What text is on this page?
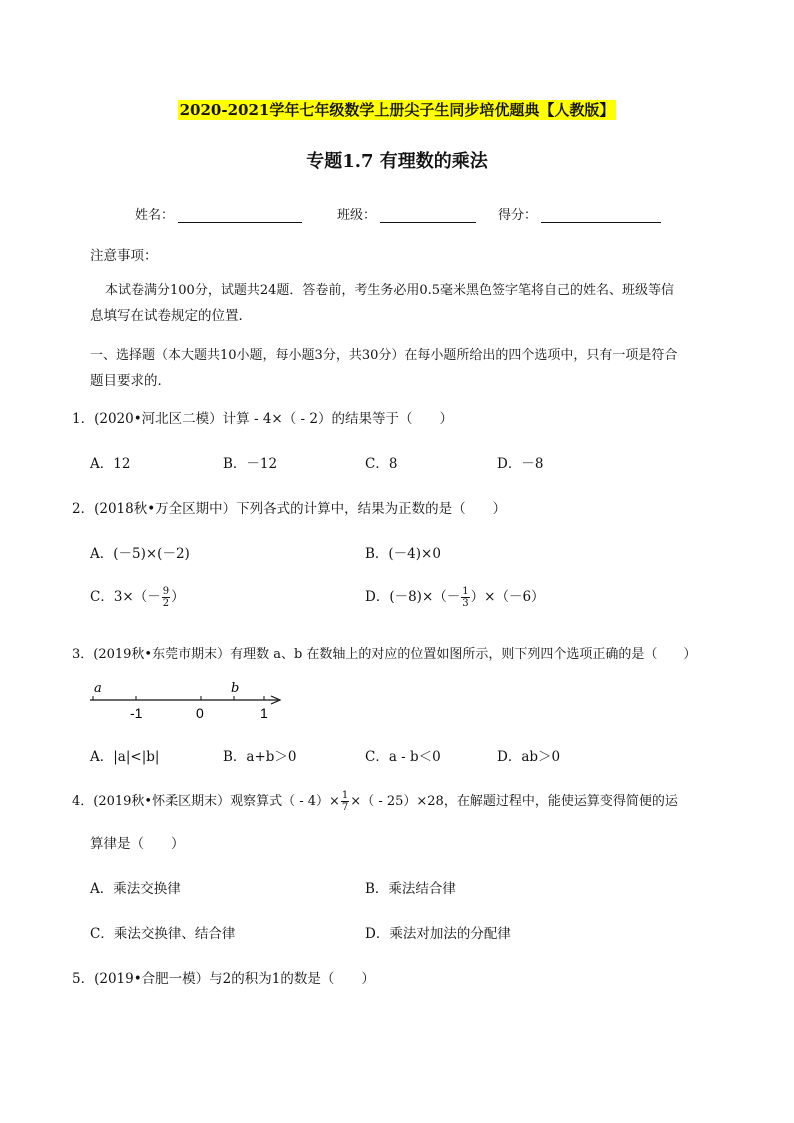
2020-2021学年七年级数学上册尖子生同步培优题典【人教版】
专题1.7 有理数的乘法
姓名：	班级：	得分：
注意事项：
本试卷满分100分，试题共24题．答卷前，考生务必用0.5毫米黑色签字笔将自己的姓名、班级等信
息填写在试卷规定的位置．
一、选择题（本大题共10小题，每小题3分，共30分）在每小题所给出的四个选项中，只有一项是符合
题目要求的．
1．(2020•河北区二模）计算 - 4×（ - 2）的结果等于（　　）
A．12	B．－12	C．8	D．－8
2．(2018秋•万全区期中）下列各式的计算中，结果为正数的是（　　）
A．(－5)×(－2)	B．(－4)×0
C．$3\times(- \frac{9}{2}$ ）	D．$(-8)\times(- \frac{1}{3} )\times(-6)$
3．(2019秋•东莞市期末）有理数 a、b 在数轴上的对应的位置如图所示，则下列四个选项正确的是（　　）
a	b
-1	0	1
A．|a|<|b|	B．a+b＞0	C．a - b＜0	D．ab＞0
4．(2019秋•怀柔区期末）观察算式（ - $4)\times \frac{1}{7}$ ×（ - 25）×28，在解题过程中，能使运算变得简便的运
算律是（　　）
A．乘法交换律	B．乘法结合律
C．乘法交换律、结合律	D．乘法对加法的分配律
5．(2019•合肥一模）与2的积为1的数是（　　）
